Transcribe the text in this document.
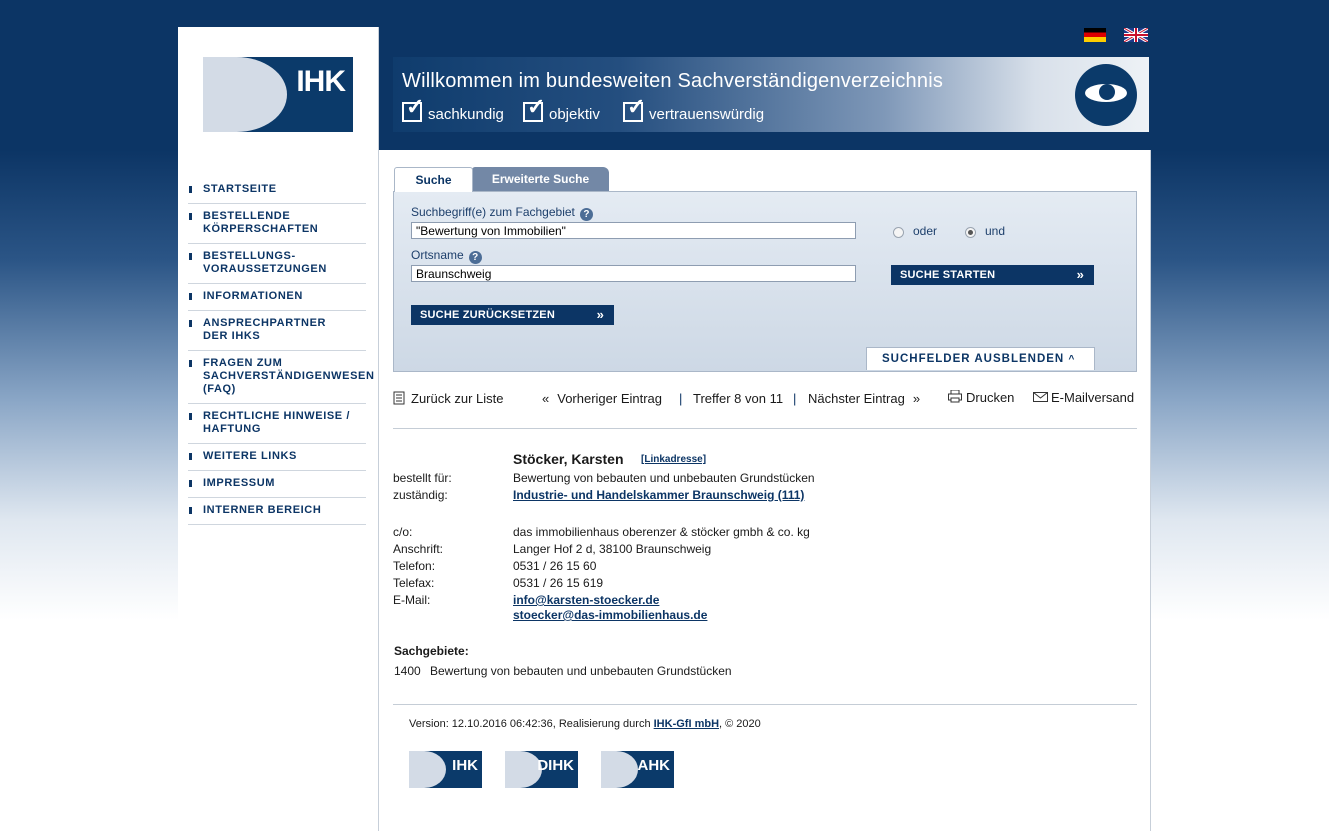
IHK
STARTSEITE
BESTELLENDE KÖRPERSCHAFTEN
BESTELLUNGS-VORAUSSETZUNGEN
INFORMATIONEN
ANSPRECHPARTNER DER IHKS
FRAGEN ZUM SACHVERSTÄNDIGENWESEN (FAQ)
RECHTLICHE HINWEISE / HAFTUNG
WEITERE LINKS
IMPRESSUM
INTERNER BEREICH
Willkommen im bundesweiten Sachverständigenverzeichnis
✓sachkundig ✓	objektiv ✓	vertrauenswürdig
Suche	Erweiterte Suche
Suchbegriff(e) zum Fachgebiet ?
"Bewertung von Immobilien"
oder	und
Ortsname ?
Braunschweig
SUCHE STARTEN	»
SUCHE ZURÜCKSETZEN	»
SUCHFELDER AUSBLENDEN ^
Zurück zur Liste	« Vorheriger Eintrag | Treffer 8 von 11 | Nächster Eintrag »	Drucken	E-Mailversand
Stöcker, Karsten [Linkadresse]
bestellt für:	Bewertung von bebauten und unbebauten Grundstücken
zuständig:	Industrie- und Handelskammer Braunschweig (111)
c/o:	das immobilienhaus oberenzer & stöcker gmbh & co. kg
Anschrift:	Langer Hof 2 d, 38100 Braunschweig
Telefon:	0531 / 26 15 60
Telefax:	0531 / 26 15 619
E-Mail:	info@karsten-stoecker.de
stoecker@das-immobilienhaus.de
Sachgebiete:
1400 Bewertung von bebauten und unbebauten Grundstücken
Version: 12.10.2016 06:42:36, Realisierung durch IHK-GfI mbH, © 2020
IHK	DIHK	AHK
